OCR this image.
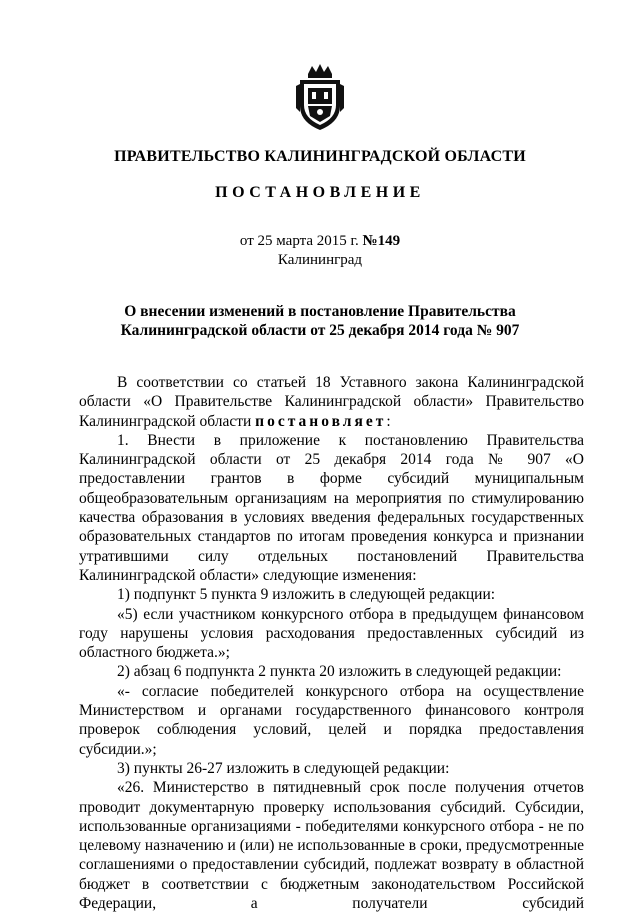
ПРАВИТЕЛЬСТВО КАЛИНИНГРАДСКОЙ ОБЛАСТИ
ПОСТАНОВЛЕНИЕ
от 25 марта 2015 г. №149
Калининград
О внесении изменений в постановление Правительства
Калининградской области от 25 декабря 2014 года № 907

В соответствии со статьей 18 Уставного закона Калининградской области «О Правительстве Калининградской области» Правительство Калининградской области постановляет:

1. Внести в приложение к постановлению Правительства Калининградской области от 25 декабря 2014 года № 907 «О предоставлении грантов в форме субсидий муниципальным общеобразовательным организациям на мероприятия по стимулированию качества образования в условиях введения федеральных государственных образовательных стандартов по итогам проведения конкурса и признании утратившими силу отдельных постановлений Правительства Калининградской области» следующие изменения:

1) подпункт 5 пункта 9 изложить в следующей редакции:

«5) если участником конкурсного отбора в предыдущем финансовом году нарушены условия расходования предоставленных субсидий из областного бюджета.»;

2) абзац 6 подпункта 2 пункта 20 изложить в следующей редакции:

«- согласие победителей конкурсного отбора на осуществление Министерством и органами государственного финансового контроля проверок соблюдения условий, целей и порядка предоставления субсидии.»;

3) пункты 26-27 изложить в следующей редакции:

«26. Министерство в пятидневный срок после получения отчетов проводит документарную проверку использования субсидий. Субсидии, использованные организациями - победителями конкурсного отбора - не по целевому назначению и (или) не использованные в сроки, предусмотренные соглашениями о предоставлении субсидий, подлежат возврату в областной бюджет в соответствии с бюджетным законодательством Российской Федерации, а получатели субсидий
